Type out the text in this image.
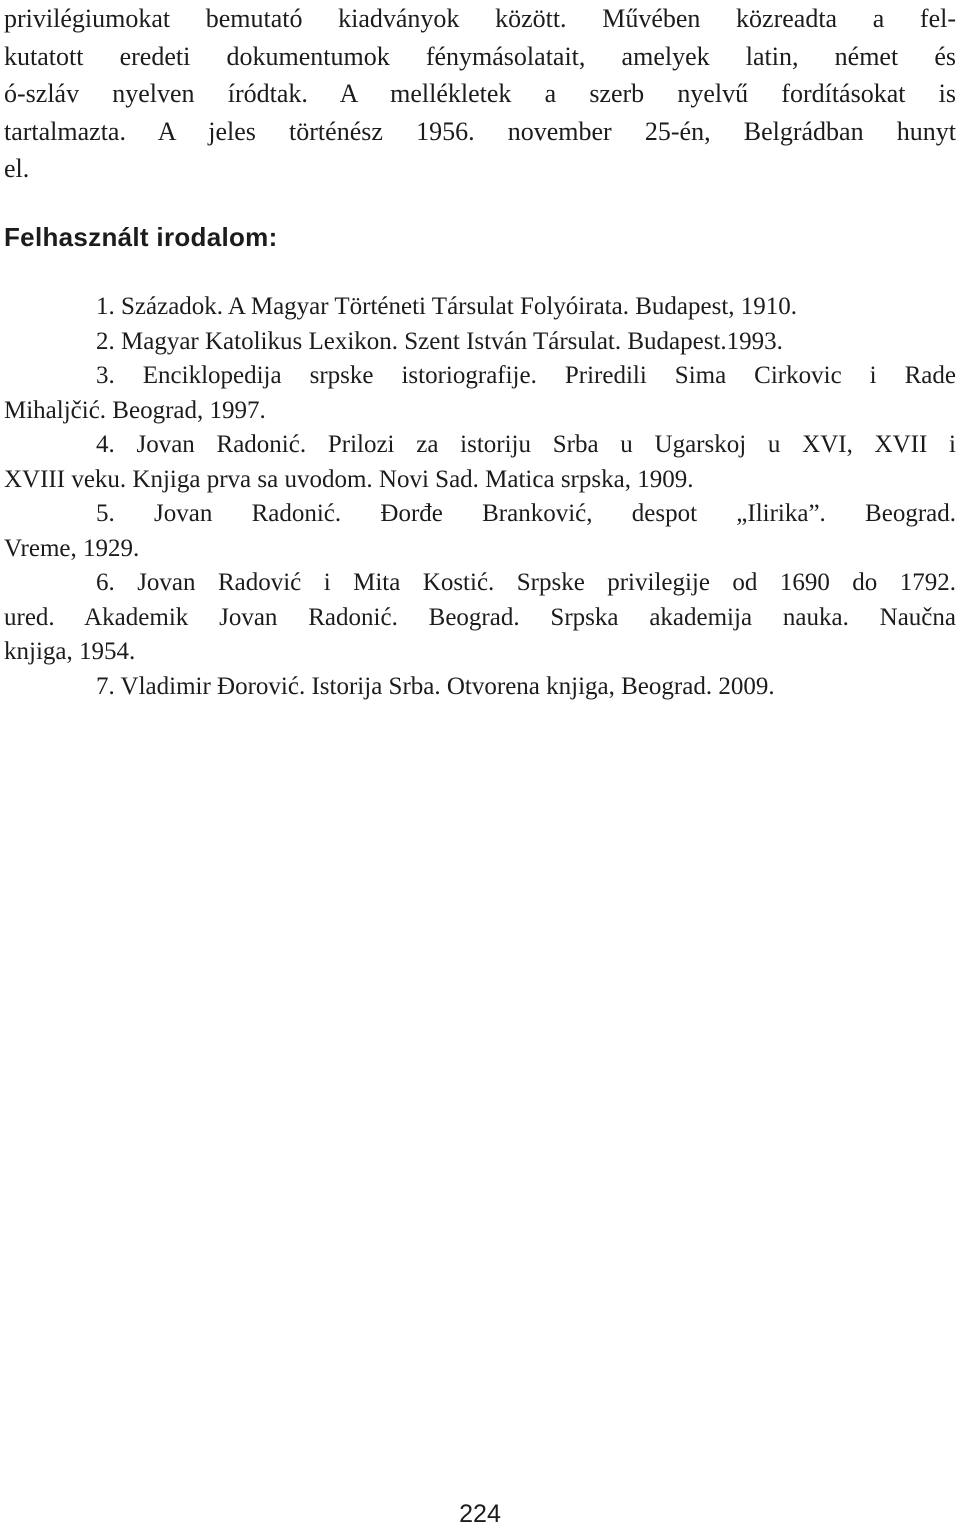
privilégiumokat bemutató kiadványok között. Művében közreadta a fel-
kutatott eredeti dokumentumok fénymásolatait, amelyek latin, német és
ó-szláv nyelven íródtak. A mellékletek a szerb nyelvű fordításokat is
tartalmazta. A jeles történész 1956. november 25-én, Belgrádban hunyt
el.
Felhasznált irodalom:
1. Századok. A Magyar Történeti Társulat Folyóirata. Budapest, 1910.
2. Magyar Katolikus Lexikon. Szent István Társulat. Budapest.1993.
3. Enciklopedija srpske istoriografije. Priredili Sima Cirkovic i Rade
Mihaljčić. Beograd, 1997.
4. Jovan Radonić. Prilozi za istoriju Srba u Ugarskoj u XVI, XVII i
XVIII veku. Knjiga prva sa uvodom. Novi Sad. Matica srpska, 1909.
5. Jovan Radonić. Đorđe Branković, despot „Ilirika”. Beograd.
Vreme, 1929.
6. Jovan Radović i Mita Kostić. Srpske privilegije od 1690 do 1792.
ured. Akademik Jovan Radonić. Beograd. Srpska akademija nauka. Naučna
knjiga, 1954.
7. Vladimir Đorović. Istorija Srba. Otvorena knjiga, Beograd. 2009.
224
